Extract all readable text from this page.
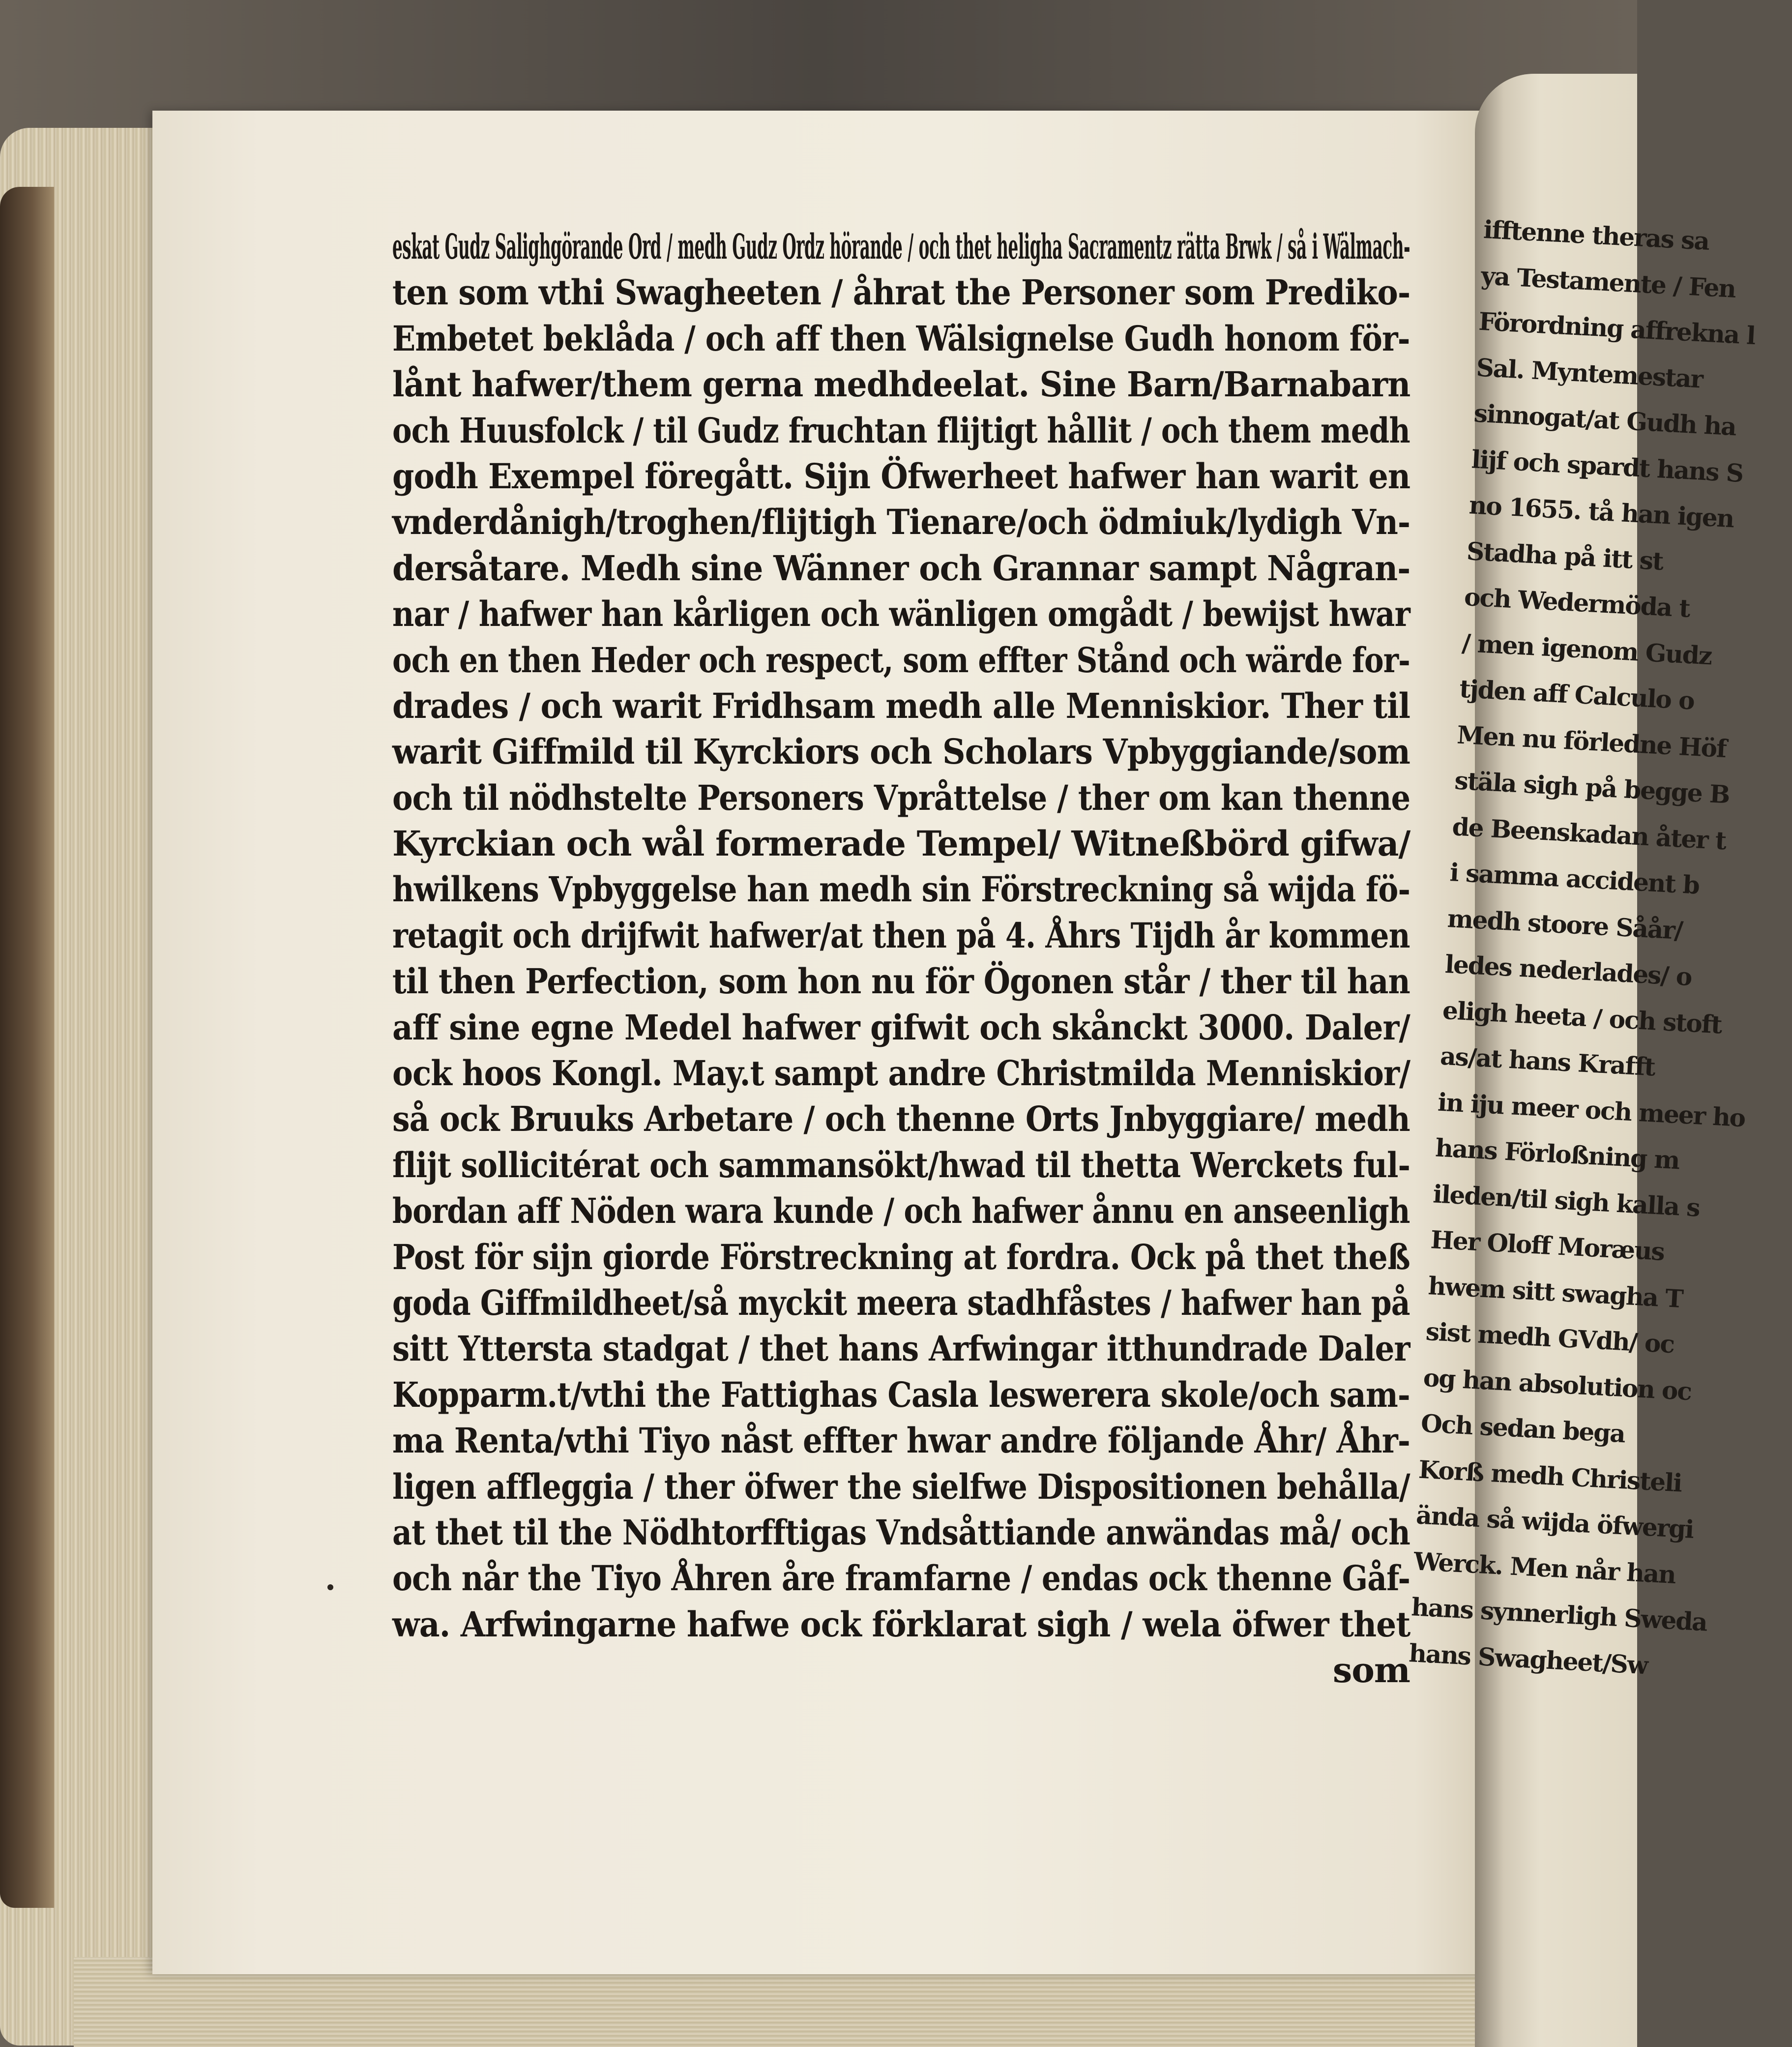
ifftenne theras sa
ya Testamente / Fen
Förordning affrekna l
Sal. Myntemestar
sinnogat/at Gudh ha
lijf och spardt hans S
no 1655. tå han igen
Stadha på itt st
och Wedermöda t
/ men igenom Gudz
tjden aff Calculo o
Men nu förledne Höf
stäla sigh på begge B
de Beenskadan åter t
i samma accident b
medh stoore Såår/
ledes nederlades/ o
eligh heeta / och stoft
as/at hans Krafft
in iju meer och meer ho
hans Förloßning m
ileden/til sigh kalla s
Her Oloff Moræus
hwem sitt swagha T
sist medh GVdh/ oc
og han absolution oc
Och sedan bega
Korß medh Christeli
ända så wijda öfwergi
Werck. Men når han
hans synnerligh Sweda
hans Swagheet/Sw
eskat Gudz Salighgörande Ord / medh Gudz Ordz hörande / och thet heligha Sacramentz rätta Brwk / så i Wälmach-
ten som vthi Swagheeten / åhrat the Personer som Prediko-
Embetet beklåda / och aff then Wälsignelse Gudh honom för-
lånt hafwer/them gerna medhdeelat. Sine Barn/Barnabarn
och Huusfolck / til Gudz fruchtan flijtigt hållit / och them medh
godh Exempel föregått. Sijn Öfwerheet hafwer han warit en
vnderdånigh/troghen/flijtigh Tienare/och ödmiuk/lydigh Vn-
dersåtare. Medh sine Wänner och Grannar sampt Någran-
nar / hafwer han kårligen och wänligen omgådt / bewijst hwar
och en then Heder och respect, som effter Stånd och wärde for-
drades / och warit Fridhsam medh alle Menniskior. Ther til
warit Giffmild til Kyrckiors och Scholars Vpbyggiande/som
och til nödhstelte Personers Vpråttelse / ther om kan thenne
Kyrckian och wål formerade Tempel/ Witneßbörd gifwa/
hwilkens Vpbyggelse han medh sin Förstreckning så wijda fö-
retagit och drijfwit hafwer/at then på 4. Åhrs Tijdh år kommen
til then Perfection, som hon nu för Ögonen står / ther til han
aff sine egne Medel hafwer gifwit och skånckt 3000. Daler/
ock hoos Kongl. May.t sampt andre Christmilda Menniskior/
så ock Bruuks Arbetare / och thenne Orts Jnbyggiare/ medh
flijt sollicitérat och sammansökt/hwad til thetta Werckets ful-
bordan aff Nöden wara kunde / och hafwer ånnu en anseenligh
Post för sijn giorde Förstreckning at fordra. Ock på thet theß
goda Giffmildheet/så myckit meera stadhfåstes / hafwer han på
sitt Yttersta stadgat / thet hans Arfwingar itthundrade Daler
Kopparm.t/vthi the Fattighas Casla leswerera skole/och sam-
ma Renta/vthi Tiyo nåst effter hwar andre följande Åhr/ Åhr-
ligen affleggia / ther öfwer the sielfwe Dispositionen behålla/
at thet til the Nödhtorfftigas Vndsåttiande anwändas må/ och
och når the Tiyo Åhren åre framfarne / endas ock thenne Gåf-
wa. Arfwingarne hafwe ock förklarat sigh / wela öfwer thet
som
